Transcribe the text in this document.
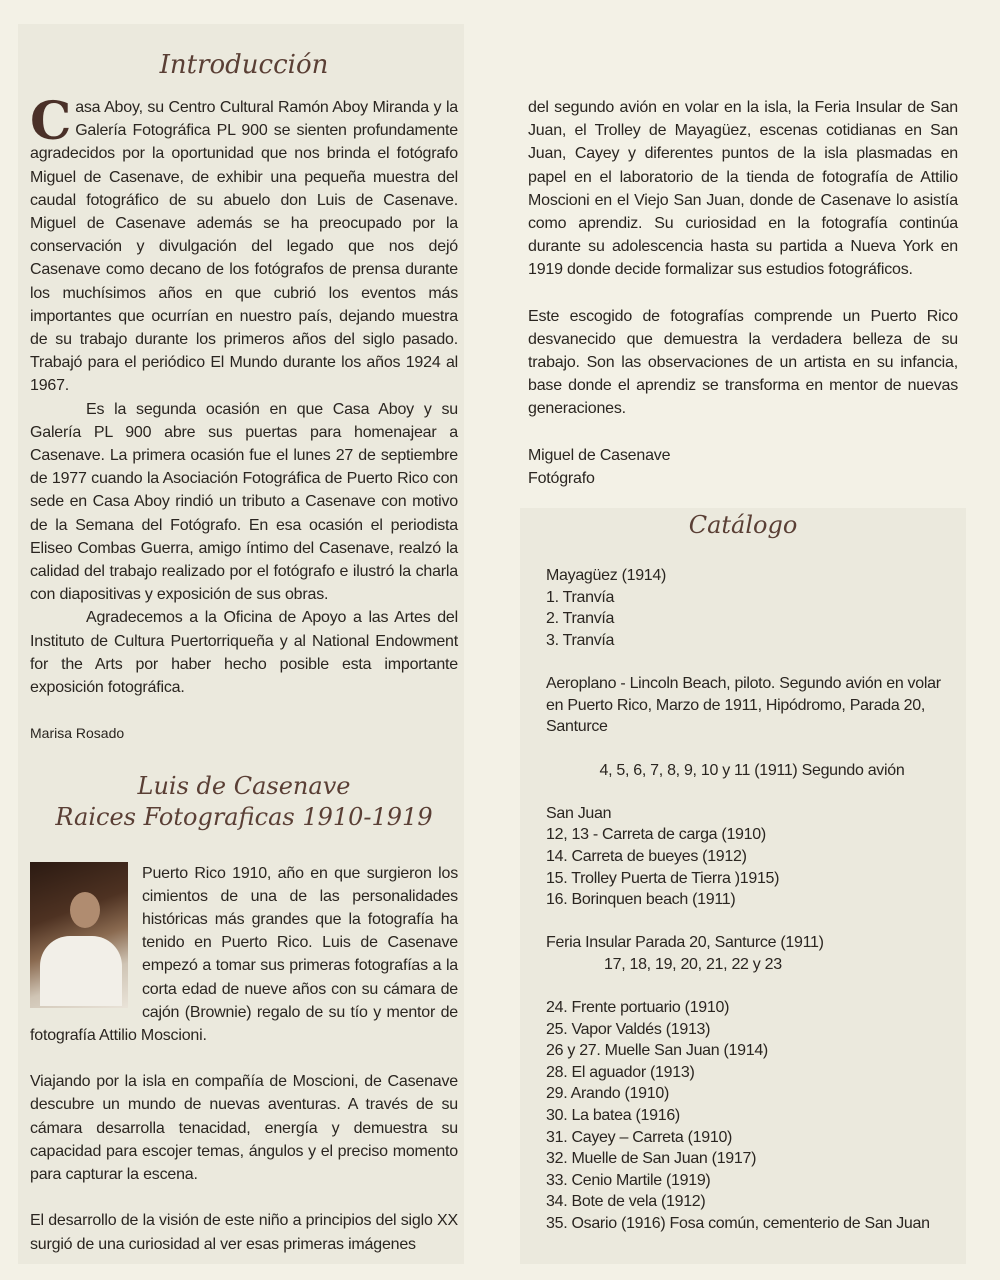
Introducción

Casa Aboy, su Centro Cultural Ramón Aboy Miranda y la Galería Fotográfica PL 900 se sienten profundamente agradecidos por la oportunidad que nos brinda el fotógrafo Miguel de Casenave, de exhibir una pequeña muestra del caudal fotográfico de su abuelo don Luis de Casenave. Miguel de Casenave además se ha preocupado por la conservación y divulgación del legado que nos dejó Casenave como decano de los fotógrafos de prensa durante los muchísimos años en que cubrió los eventos más importantes que ocurrían en nuestro país, dejando muestra de su trabajo durante los primeros años del siglo pasado. Trabajó para el periódico El Mundo durante los años 1924 al 1967.

Es la segunda ocasión en que Casa Aboy y su Galería PL 900 abre sus puertas para homenajear a Casenave. La primera ocasión fue el lunes 27 de septiembre de 1977 cuando la Asociación Fotográfica de Puerto Rico con sede en Casa Aboy rindió un tributo a Casenave con motivo de la Semana del Fotógrafo. En esa ocasión el periodista Eliseo Combas Guerra, amigo íntimo del Casenave, realzó la calidad del trabajo realizado por el fotógrafo e ilustró la charla con diapositivas y exposición de sus obras.

Agradecemos a la Oficina de Apoyo a las Artes del Instituto de Cultura Puertorriqueña y al National Endowment for the Arts por haber hecho posible esta importante exposición fotográfica.

Marisa Rosado

Luis de Casenave
Raices Fotograficas 1910-1919

Puerto Rico 1910, año en que surgieron los cimientos de una de las personalidades históricas más grandes que la fotografía ha tenido en Puerto Rico. Luis de Casenave empezó a tomar sus primeras fotografías a la corta edad de nueve años con su cámara de cajón (Brownie) regalo de su tío y mentor de fotografía Attilio Moscioni.

Viajando por la isla en compañía de Moscioni, de Casenave descubre un mundo de nuevas aventuras. A través de su cámara desarrolla tenacidad, energía y demuestra su capacidad para escojer temas, ángulos y el preciso momento para capturar la escena.

El desarrollo de la visión de este niño a principios del siglo XX surgió de una curiosidad al ver esas primeras imágenes

del segundo avión en volar en la isla, la Feria Insular de San Juan, el Trolley de Mayagüez, escenas cotidianas en San Juan, Cayey y diferentes puntos de la isla plasmadas en papel en el laboratorio de la tienda de fotografía de Attilio Moscioni en el Viejo San Juan, donde de Casenave lo asistía como aprendiz. Su curiosidad en la fotografía continúa durante su adolescencia hasta su partida a Nueva York en 1919 donde decide formalizar sus estudios fotográficos.

Este escogido de fotografías comprende un Puerto Rico desvanecido que demuestra la verdadera belleza de su trabajo. Son las observaciones de un artista en su infancia, base donde el aprendiz se transforma en mentor de nuevas generaciones.

Miguel de Casenave

Fotógrafo

Catálogo

Mayagüez (1914)

1. Tranvía

2. Tranvía

3. Tranvía

Aeroplano - Lincoln Beach, piloto. Segundo avión en volar en Puerto Rico, Marzo de 1911, Hipódromo, Parada 20, Santurce

4, 5, 6, 7, 8, 9, 10 y 11 (1911) Segundo avión

San Juan

12, 13 - Carreta de carga (1910)

14. Carreta de bueyes (1912)

15. Trolley Puerta de Tierra )1915)

16. Borinquen beach (1911)

Feria Insular Parada 20, Santurce (1911)

17, 18, 19, 20, 21, 22 y 23

24. Frente portuario (1910)

25. Vapor Valdés (1913)

26 y 27. Muelle San Juan (1914)

28. El aguador (1913)

29. Arando (1910)

30. La batea (1916)

31. Cayey – Carreta (1910)

32. Muelle de San Juan (1917)

33. Cenio Martile (1919)

34. Bote de vela (1912)

35. Osario (1916) Fosa común, cementerio de San Juan
